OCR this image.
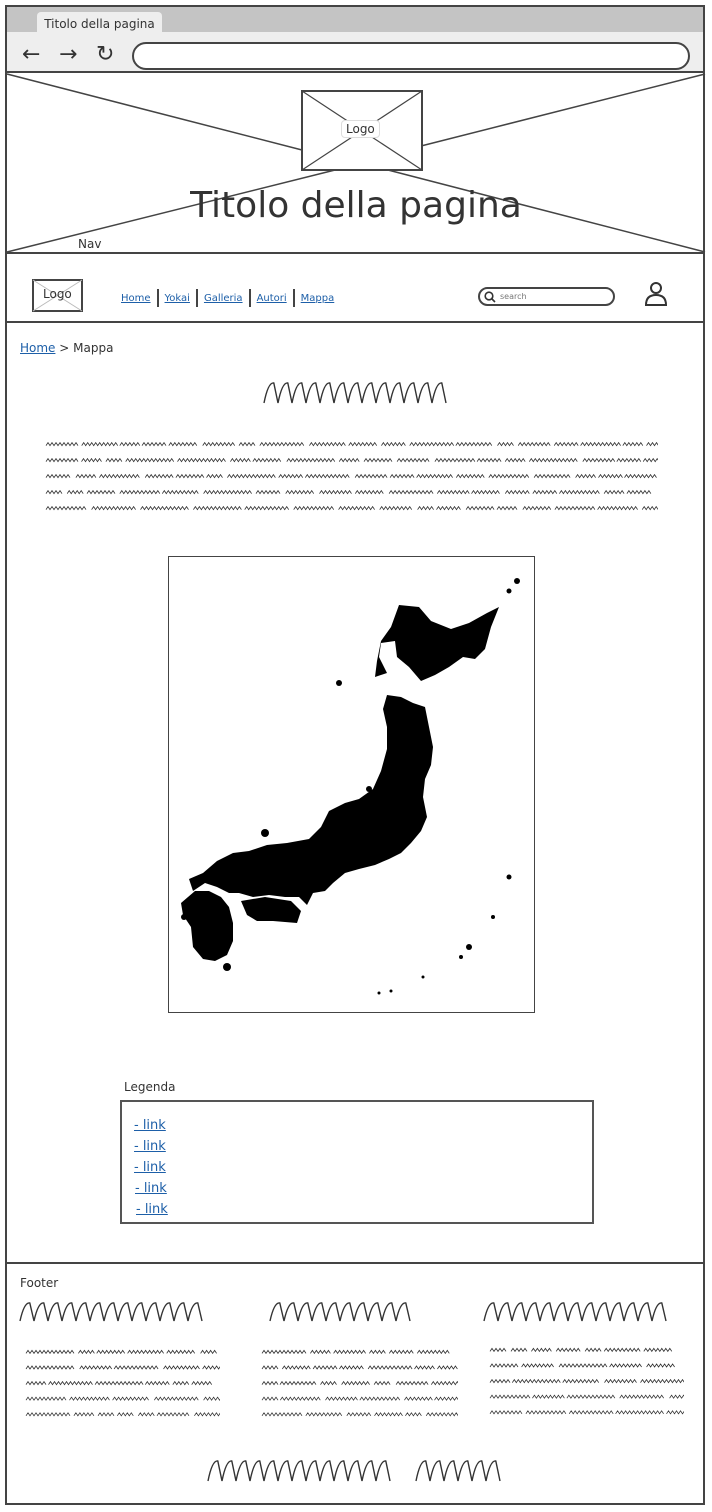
Titolo della pagina
← → ↻
Logo
Titolo della pagina
Nav
Logo	Home Yokai Galleria Autori Mappa	search
Home > Mappa
Legenda
- link
- link
- link
- link
- link
Footer
